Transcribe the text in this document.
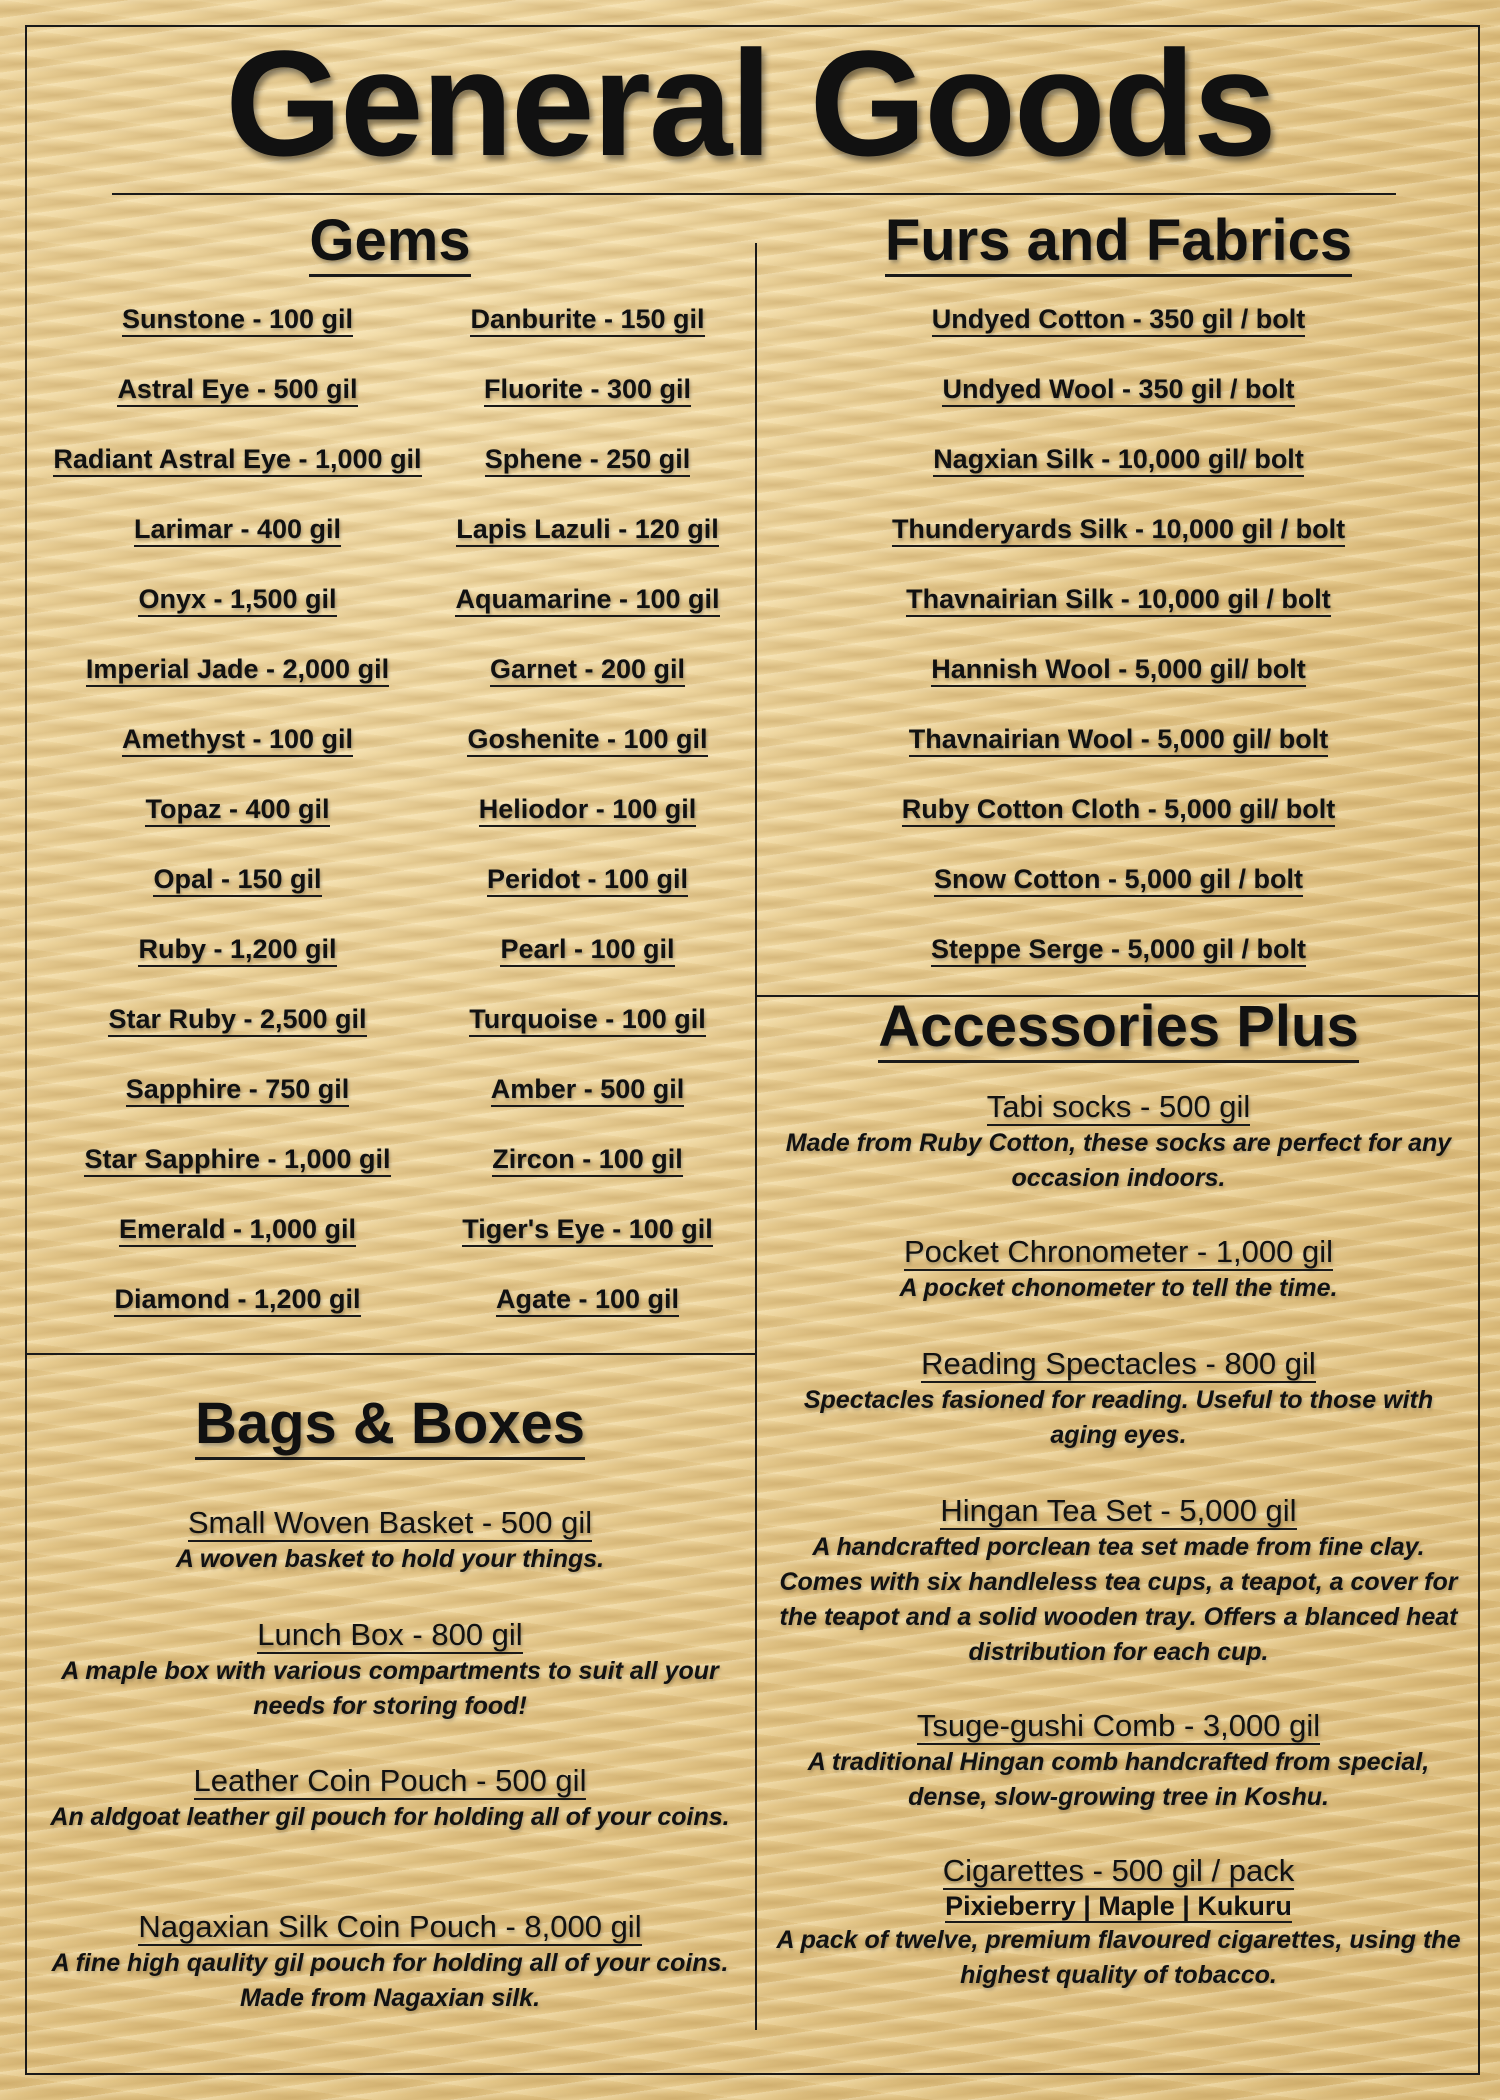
General Goods
Gems
Sunstone - 100 gil
Astral Eye - 500 gil
Radiant Astral Eye - 1,000 gil
Larimar - 400 gil
Onyx - 1,500 gil
Imperial Jade - 2,000 gil
Amethyst - 100 gil
Topaz - 400 gil
Opal - 150 gil
Ruby - 1,200 gil
Star Ruby - 2,500 gil
Sapphire - 750 gil
Star Sapphire - 1,000 gil
Emerald - 1,000 gil
Diamond - 1,200 gil
Danburite - 150 gil
Fluorite - 300 gil
Sphene - 250 gil
Lapis Lazuli - 120 gil
Aquamarine - 100 gil
Garnet - 200 gil
Goshenite - 100 gil
Heliodor - 100 gil
Peridot - 100 gil
Pearl - 100 gil
Turquoise - 100 gil
Amber - 500 gil
Zircon - 100 gil
Tiger's Eye - 100 gil
Agate - 100 gil
Furs and Fabrics
Undyed Cotton - 350 gil / bolt
Undyed Wool - 350 gil / bolt
Nagxian Silk - 10,000 gil/ bolt
Thunderyards Silk - 10,000 gil / bolt
Thavnairian Silk - 10,000 gil / bolt
Hannish Wool - 5,000 gil/ bolt
Thavnairian Wool - 5,000 gil/ bolt
Ruby Cotton Cloth - 5,000 gil/ bolt
Snow Cotton - 5,000 gil / bolt
Steppe Serge - 5,000 gil / bolt
Accessories Plus
Tabi socks - 500 gil
Made from Ruby Cotton, these socks are perfect for any occasion indoors.
Pocket Chronometer - 1,000 gil
A pocket chonometer to tell the time.
Reading Spectacles - 800 gil
Spectacles fasioned for reading. Useful to those with aging eyes.
Hingan Tea Set - 5,000 gil
A handcrafted porclean tea set made from fine clay. Comes with six handleless tea cups, a teapot, a cover for the teapot and a solid wooden tray. Offers a blanced heat distribution for each cup.
Tsuge-gushi Comb - 3,000 gil
A traditional Hingan comb handcrafted from special, dense, slow-growing tree in Koshu.
Cigarettes - 500 gil / pack
Pixieberry | Maple | Kukuru
A pack of twelve, premium flavoured cigarettes, using the highest quality of tobacco.
Bags & Boxes
Small Woven Basket - 500 gil
A woven basket to hold your things.
Lunch Box - 800 gil
A maple box with various compartments to suit all your needs for storing food!
Leather Coin Pouch - 500 gil
An aldgoat leather gil pouch for holding all of your coins.
Nagaxian Silk Coin Pouch - 8,000 gil
A fine high qaulity gil pouch for holding all of your coins. Made from Nagaxian silk.
